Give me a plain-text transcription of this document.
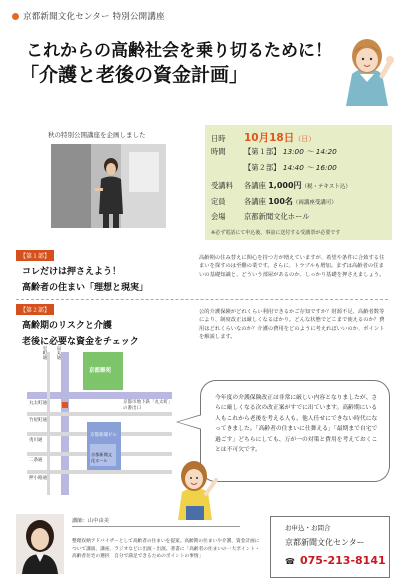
京都新聞文化センター 特別公開講座
これからの高齢社会を乗り切るために！
「介護と老後の資金計画」
秋の特別公開講座を企画しました	日時 10月18日（日）
時間	【第１部】 13:00 〜 14:20
【第２部】 14:40 〜 16:00
受講料 各講座 1,000円（税・テキスト込）
定員	各講座 100名（両講座受講可）
会場	京都新聞文化ホール
※必ず電話にて申込後、事前に送付する受講票が必要です
【第１部】
コレだけは押さえよう！
高齢者の住まい「理想と現実」
高齢期の住み替えに関心を持つ方が増えていますが、希望や条件に合致する住まいを探すのは至難の業です。さらに、トラブルも増加。まずは高齢者の住まいの基礎知識と、どういう部屋があるのか、しっかり基礎を押さえましょう。
【第２部】
高齢期のリスクと介護
老後に必要な資金をチェック
公的介護保険がどれくらい利用できるかご存知ですか？財源不足、高齢者数等により、制度改正は厳しくなるばかり。どんな状態でどこまで使えるのか？費用はどれくらいなのか？介護の費用をどのように考えればいいのか、ポイントを解説します。
京都御苑
烏丸通
室町通
丸太町通
竹屋町通
夷川通
二条通
押小路通
京都市地下鉄「丸太町」の番出口
京都新聞ビル
京都新聞文化ホール
今年度の介護保険改正は非常に厳しい内容となりましたが、さらに厳しくなる次の改正案がすでに出ています。高齢期にいる人もこれから老後を考える人も、他人任せにできない時代になってきました。「高齢者の住まいに仕舞える」「最期まで自宅で過ごす」どちらにしても、万が一の対策と費用を考えておくことは不可欠です。
講師：山中由美
整理収納アドバイザーとして高齢者の住まいを提案。高齢期の住まいや介護、資金計画について講演、講座、ラジオなどに出演・出演。著書に「高齢者の住まいの一大ポイント・高齢者住宅の選択　自分で満足できるためのポイントの事情」
お申込・お問合
京都新聞文化センター
☎ 075-213-8141
